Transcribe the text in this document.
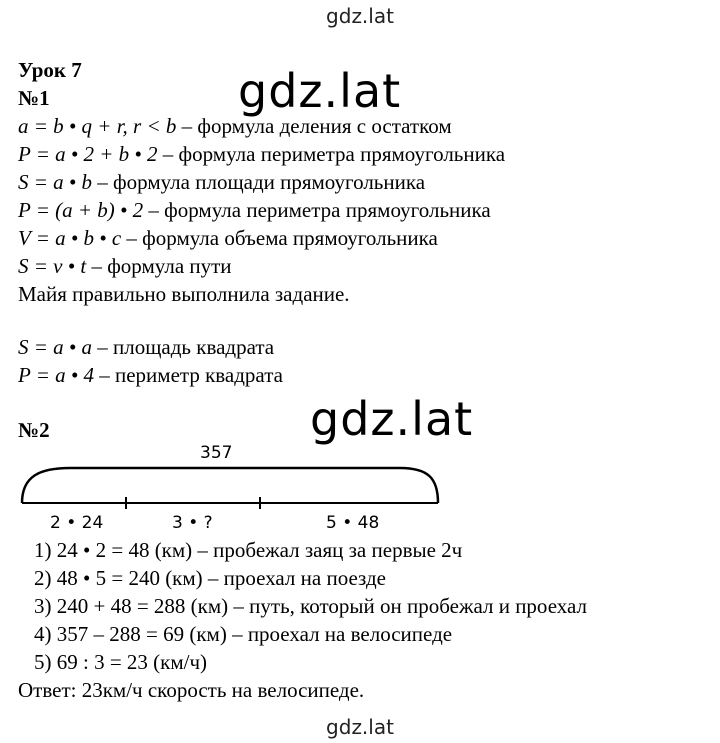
gdz.lat
gdz.lat
gdz.lat
Урок 7
№1
a = b • q + r, r < b – формула деления с остатком
P = a • 2 + b • 2 – формула периметра прямоугольника
S = a • b – формула площади прямоугольника
P = (a + b) • 2 – формула периметра прямоугольника
V = a • b • c – формула объема прямоугольника
S = v • t – формула пути
Майя правильно выполнила задание.
S = a • a – площадь квадрата
P = a • 4 – периметр квадрата
№2
357
2 • 24	3 • ?	5 • 48
1) 24 • 2 = 48 (км) – пробежал заяц за первые 2ч
2) 48 • 5 = 240 (км) – проехал на поезде
3) 240 + 48 = 288 (км) – путь, который он пробежал и проехал
4) 357 – 288 = 69 (км) – проехал на велосипеде
5) 69 : 3 = 23 (км/ч)
Ответ: 23км/ч скорость на велосипеде.
gdz.lat
